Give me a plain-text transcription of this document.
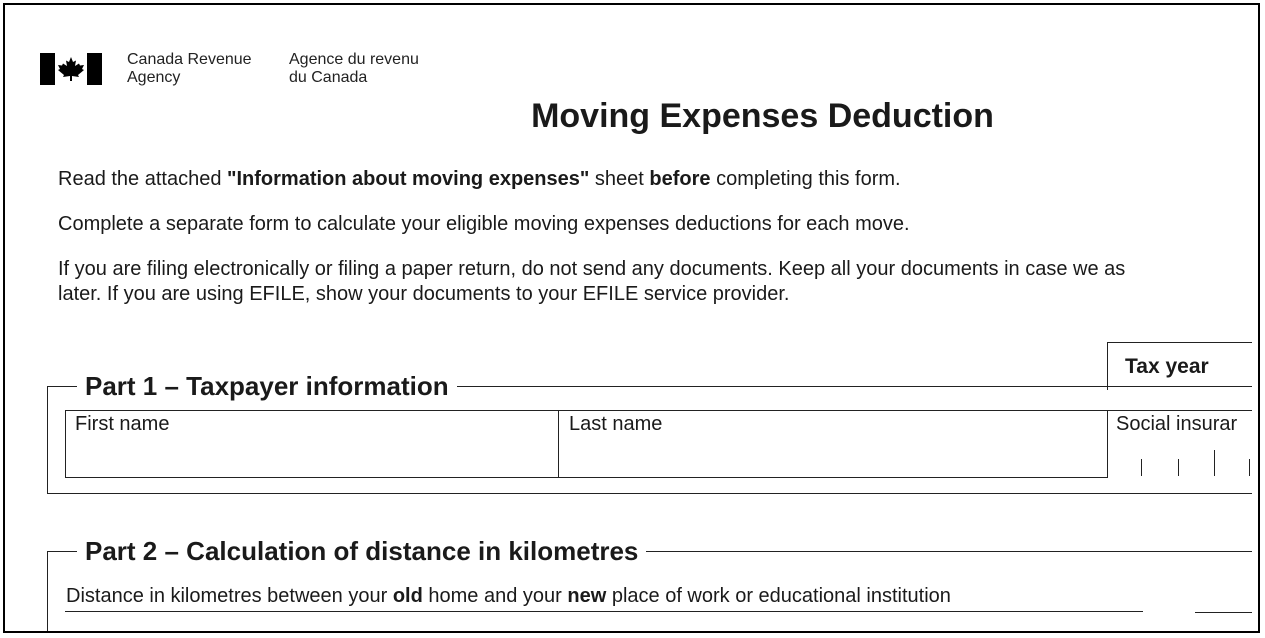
Canada Revenue
Agency
Agence du revenu
du Canada
Moving Expenses Deduction
Read the attached "Information about moving expenses" sheet before completing this form.
Complete a separate form to calculate your eligible moving expenses deductions for each move.
If you are filing electronically or filing a paper return, do not send any documents. Keep all your documents in case we as
later. If you are using EFILE, show your documents to your EFILE service provider.
Tax year
Part 1 – Taxpayer information
First name	Last name	Social insurar
Part 2 – Calculation of distance in kilometres
Distance in kilometres between your old home and your new place of work or educational institution
